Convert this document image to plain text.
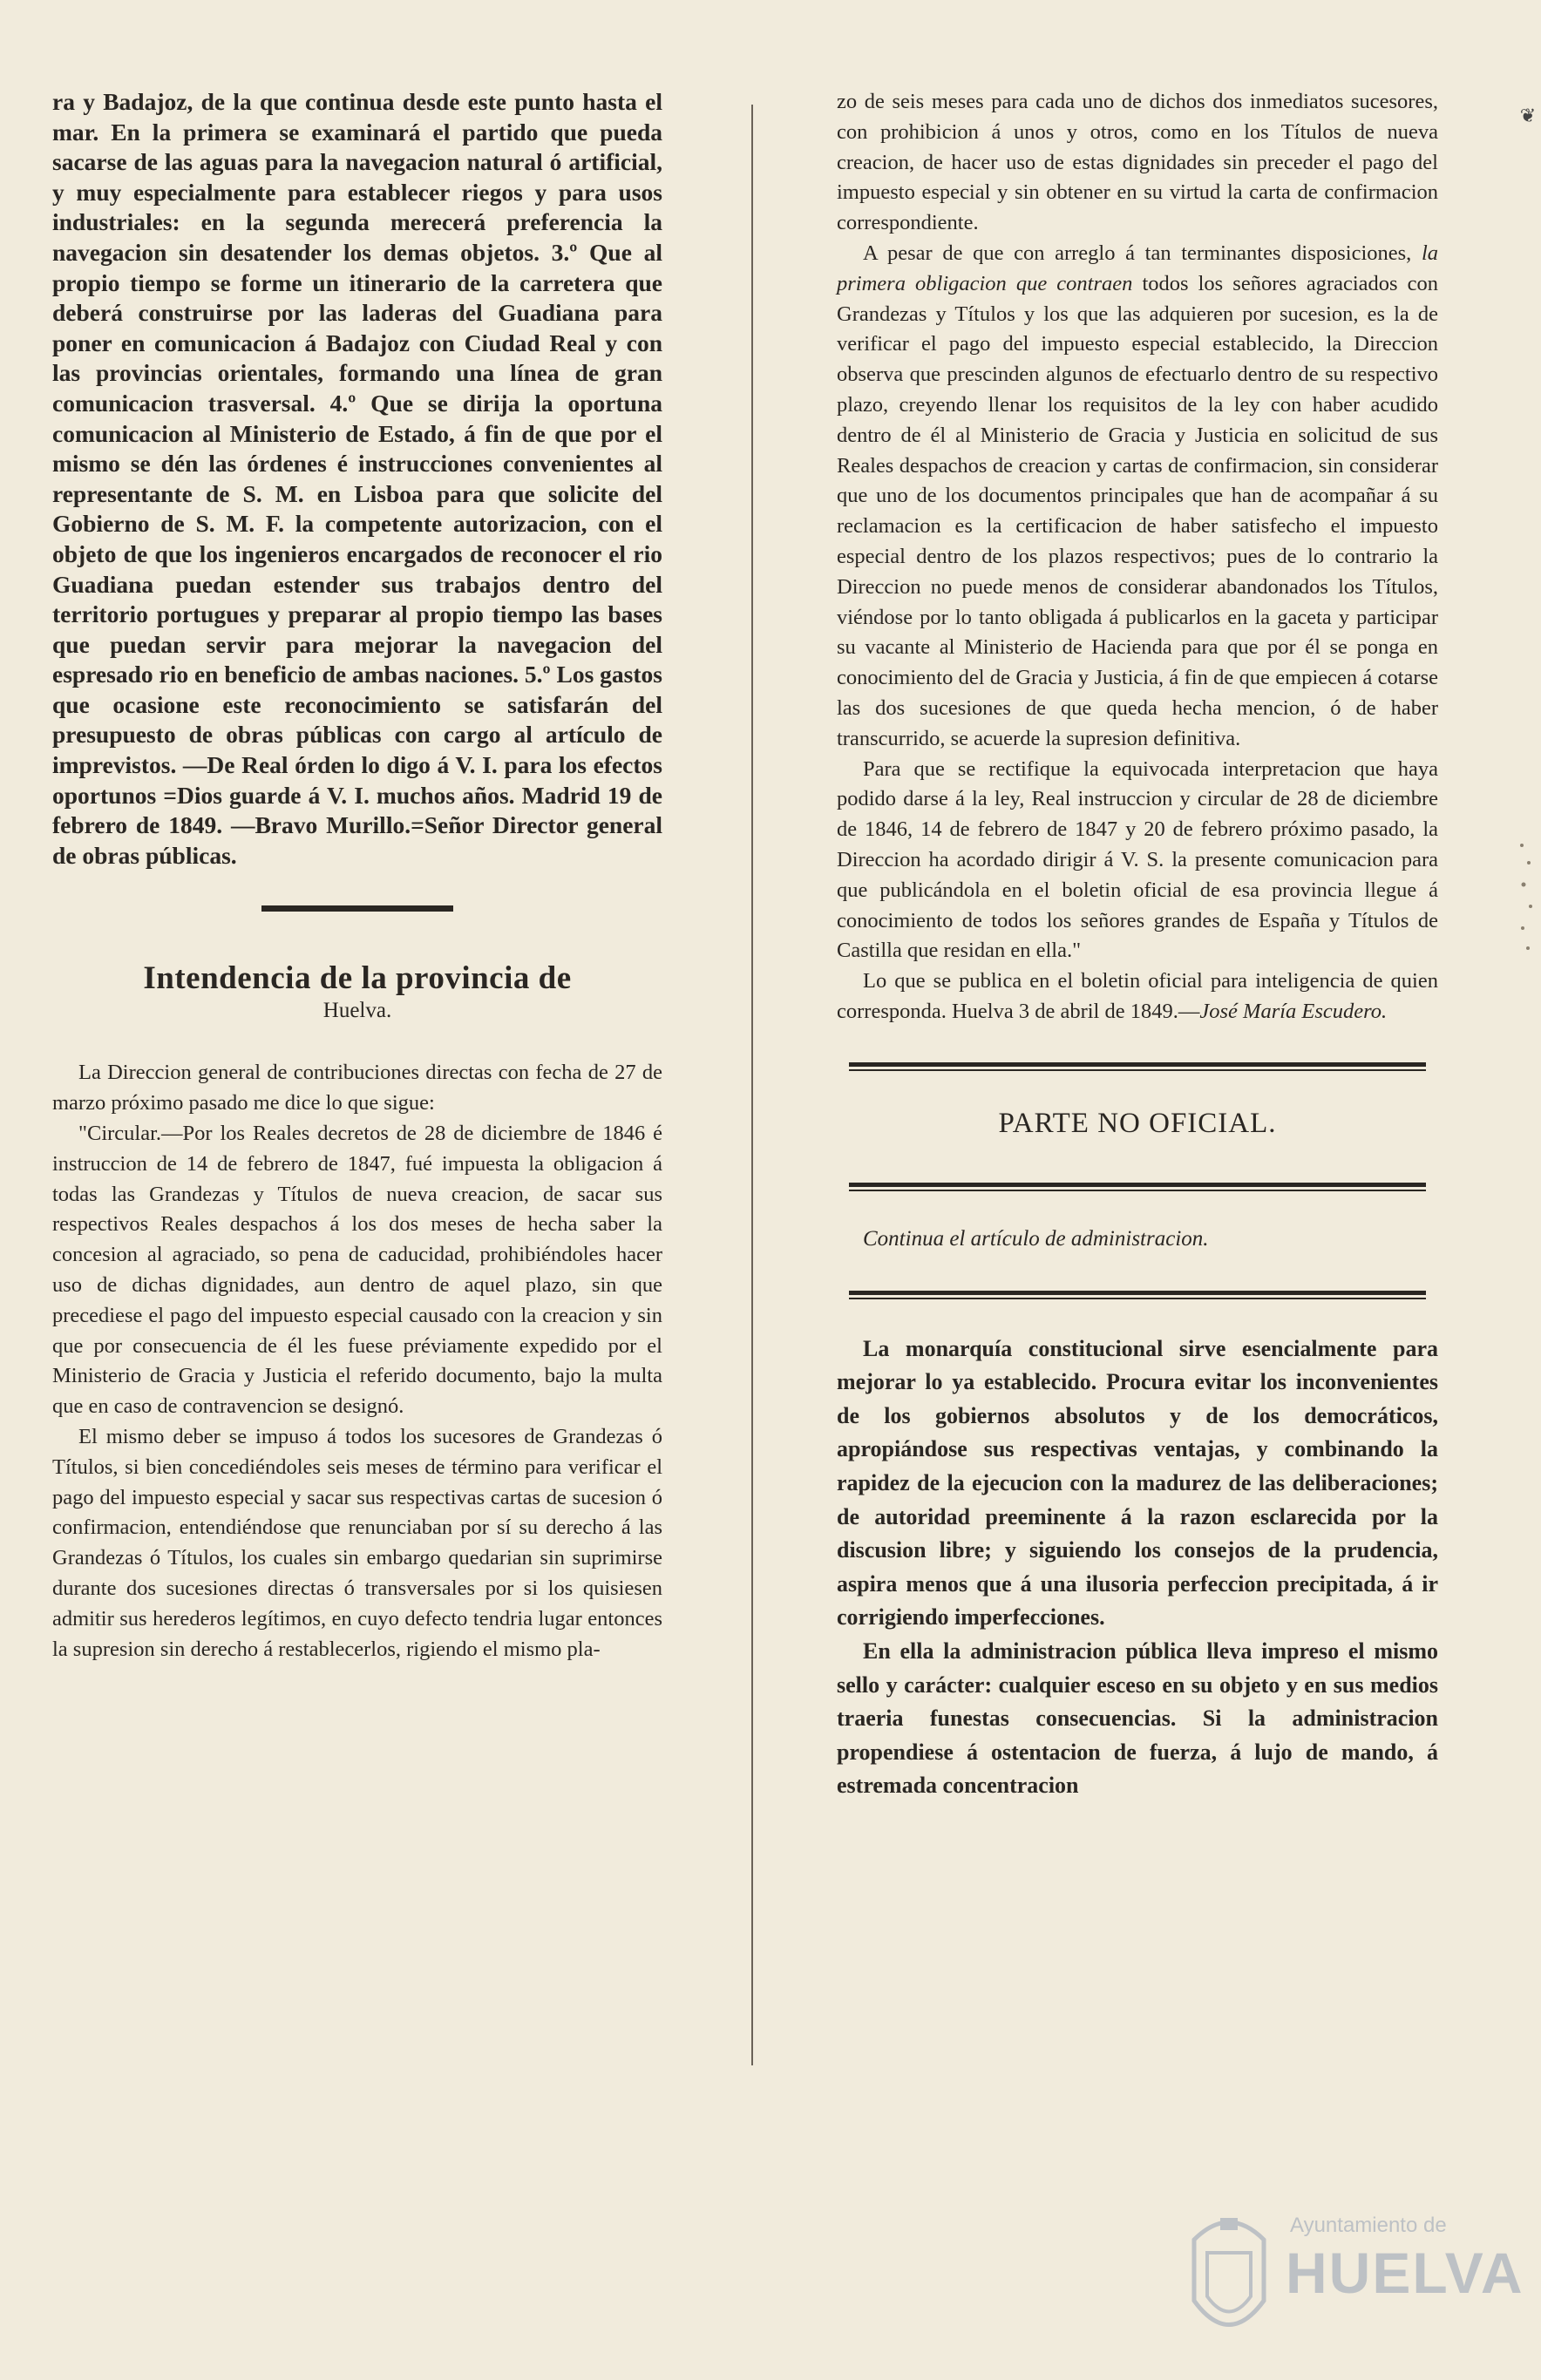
ra y Badajoz, de la que continua desde este punto hasta el mar. En la primera se examinará el partido que pueda sacarse de las aguas para la navegacion natural ó artificial, y muy especialmente para establecer riegos y para usos industriales: en la segunda merecerá preferencia la navegacion sin desatender los demas objetos. 3.º Que al propio tiempo se forme un itinerario de la carretera que deberá construirse por las laderas del Guadiana para poner en comunicacion á Badajoz con Ciudad Real y con las provincias orientales, formando una línea de gran comunicacion trasversal. 4.º Que se dirija la oportuna comunicacion al Ministerio de Estado, á fin de que por el mismo se dén las órdenes é instrucciones convenientes al representante de S. M. en Lisboa para que solicite del Gobierno de S. M. F. la competente autorizacion, con el objeto de que los ingenieros encargados de reconocer el rio Guadiana puedan estender sus trabajos dentro del territorio portugues y preparar al propio tiempo las bases que puedan servir para mejorar la navegacion del espresado rio en beneficio de ambas naciones. 5.º Los gastos que ocasione este reconocimiento se satisfarán del presupuesto de obras públicas con cargo al artículo de imprevistos. —De Real órden lo digo á V. I. para los efectos oportunos =Dios guarde á V. I. muchos años. Madrid 19 de febrero de 1849. —Bravo Murillo.=Señor Director general de obras públicas.

Intendencia de la provincia de

Huelva.

La Direccion general de contribuciones directas con fecha de 27 de marzo próximo pasado me dice lo que sigue:

"Circular.—Por los Reales decretos de 28 de diciembre de 1846 é instruccion de 14 de febrero de 1847, fué impuesta la obligacion á todas las Grandezas y Títulos de nueva creacion, de sacar sus respectivos Reales despachos á los dos meses de hecha saber la concesion al agraciado, so pena de caducidad, prohibiéndoles hacer uso de dichas dignidades, aun dentro de aquel plazo, sin que precediese el pago del impuesto especial causado con la creacion y sin que por consecuencia de él les fuese préviamente expedido por el Ministerio de Gracia y Justicia el referido documento, bajo la multa que en caso de contravencion se designó.

El mismo deber se impuso á todos los sucesores de Grandezas ó Títulos, si bien concediéndoles seis meses de término para verificar el pago del impuesto especial y sacar sus respectivas cartas de sucesion ó confirmacion, entendiéndose que renunciaban por sí su derecho á las Grandezas ó Títulos, los cuales sin embargo quedarian sin suprimirse durante dos sucesiones directas ó transversales por si los quisiesen admitir sus herederos legítimos, en cuyo defecto tendria lugar entonces la supresion sin derecho á restablecerlos, rigiendo el mismo pla-

zo de seis meses para cada uno de dichos dos inmediatos sucesores, con prohibicion á unos y otros, como en los Títulos de nueva creacion, de hacer uso de estas dignidades sin preceder el pago del impuesto especial y sin obtener en su virtud la carta de confirmacion correspondiente.

A pesar de que con arreglo á tan terminantes disposiciones, la primera obligacion que contraen todos los señores agraciados con Grandezas y Títulos y los que las adquieren por sucesion, es la de verificar el pago del impuesto especial establecido, la Direccion observa que prescinden algunos de efectuarlo dentro de su respectivo plazo, creyendo llenar los requisitos de la ley con haber acudido dentro de él al Ministerio de Gracia y Justicia en solicitud de sus Reales despachos de creacion y cartas de confirmacion, sin considerar que uno de los documentos principales que han de acompañar á su reclamacion es la certificacion de haber satisfecho el impuesto especial dentro de los plazos respectivos; pues de lo contrario la Direccion no puede menos de considerar abandonados los Títulos, viéndose por lo tanto obligada á publicarlos en la gaceta y participar su vacante al Ministerio de Hacienda para que por él se ponga en conocimiento del de Gracia y Justicia, á fin de que empiecen á cotarse las dos sucesiones de que queda hecha mencion, ó de haber transcurrido, se acuerde la supresion definitiva.

Para que se rectifique la equivocada interpretacion que haya podido darse á la ley, Real instruccion y circular de 28 de diciembre de 1846, 14 de febrero de 1847 y 20 de febrero próximo pasado, la Direccion ha acordado dirigir á V. S. la presente comunicacion para que publicándola en el boletin oficial de esa provincia llegue á conocimiento de todos los señores grandes de España y Títulos de Castilla que residan en ella."

Lo que se publica en el boletin oficial para inteligencia de quien corresponda. Huelva 3 de abril de 1849.—José María Escudero.

PARTE NO OFICIAL.
Continua el artículo de administracion.

La monarquía constitucional sirve esencialmente para mejorar lo ya establecido. Procura evitar los inconvenientes de los gobiernos absolutos y de los democráticos, apropiándose sus respectivas ventajas, y combinando la rapidez de la ejecucion con la madurez de las deliberaciones; de autoridad preeminente á la razon esclarecida por la discusion libre; y siguiendo los consejos de la prudencia, aspira menos que á una ilusoria perfeccion precipitada, á ir corrigiendo imperfecciones.

En ella la administracion pública lleva impreso el mismo sello y carácter: cualquier esceso en su objeto y en sus medios traeria funestas consecuencias. Si la administracion propendiese á ostentacion de fuerza, á lujo de mando, á estremada concentracion

❦
Ayuntamiento de
HUELVA
